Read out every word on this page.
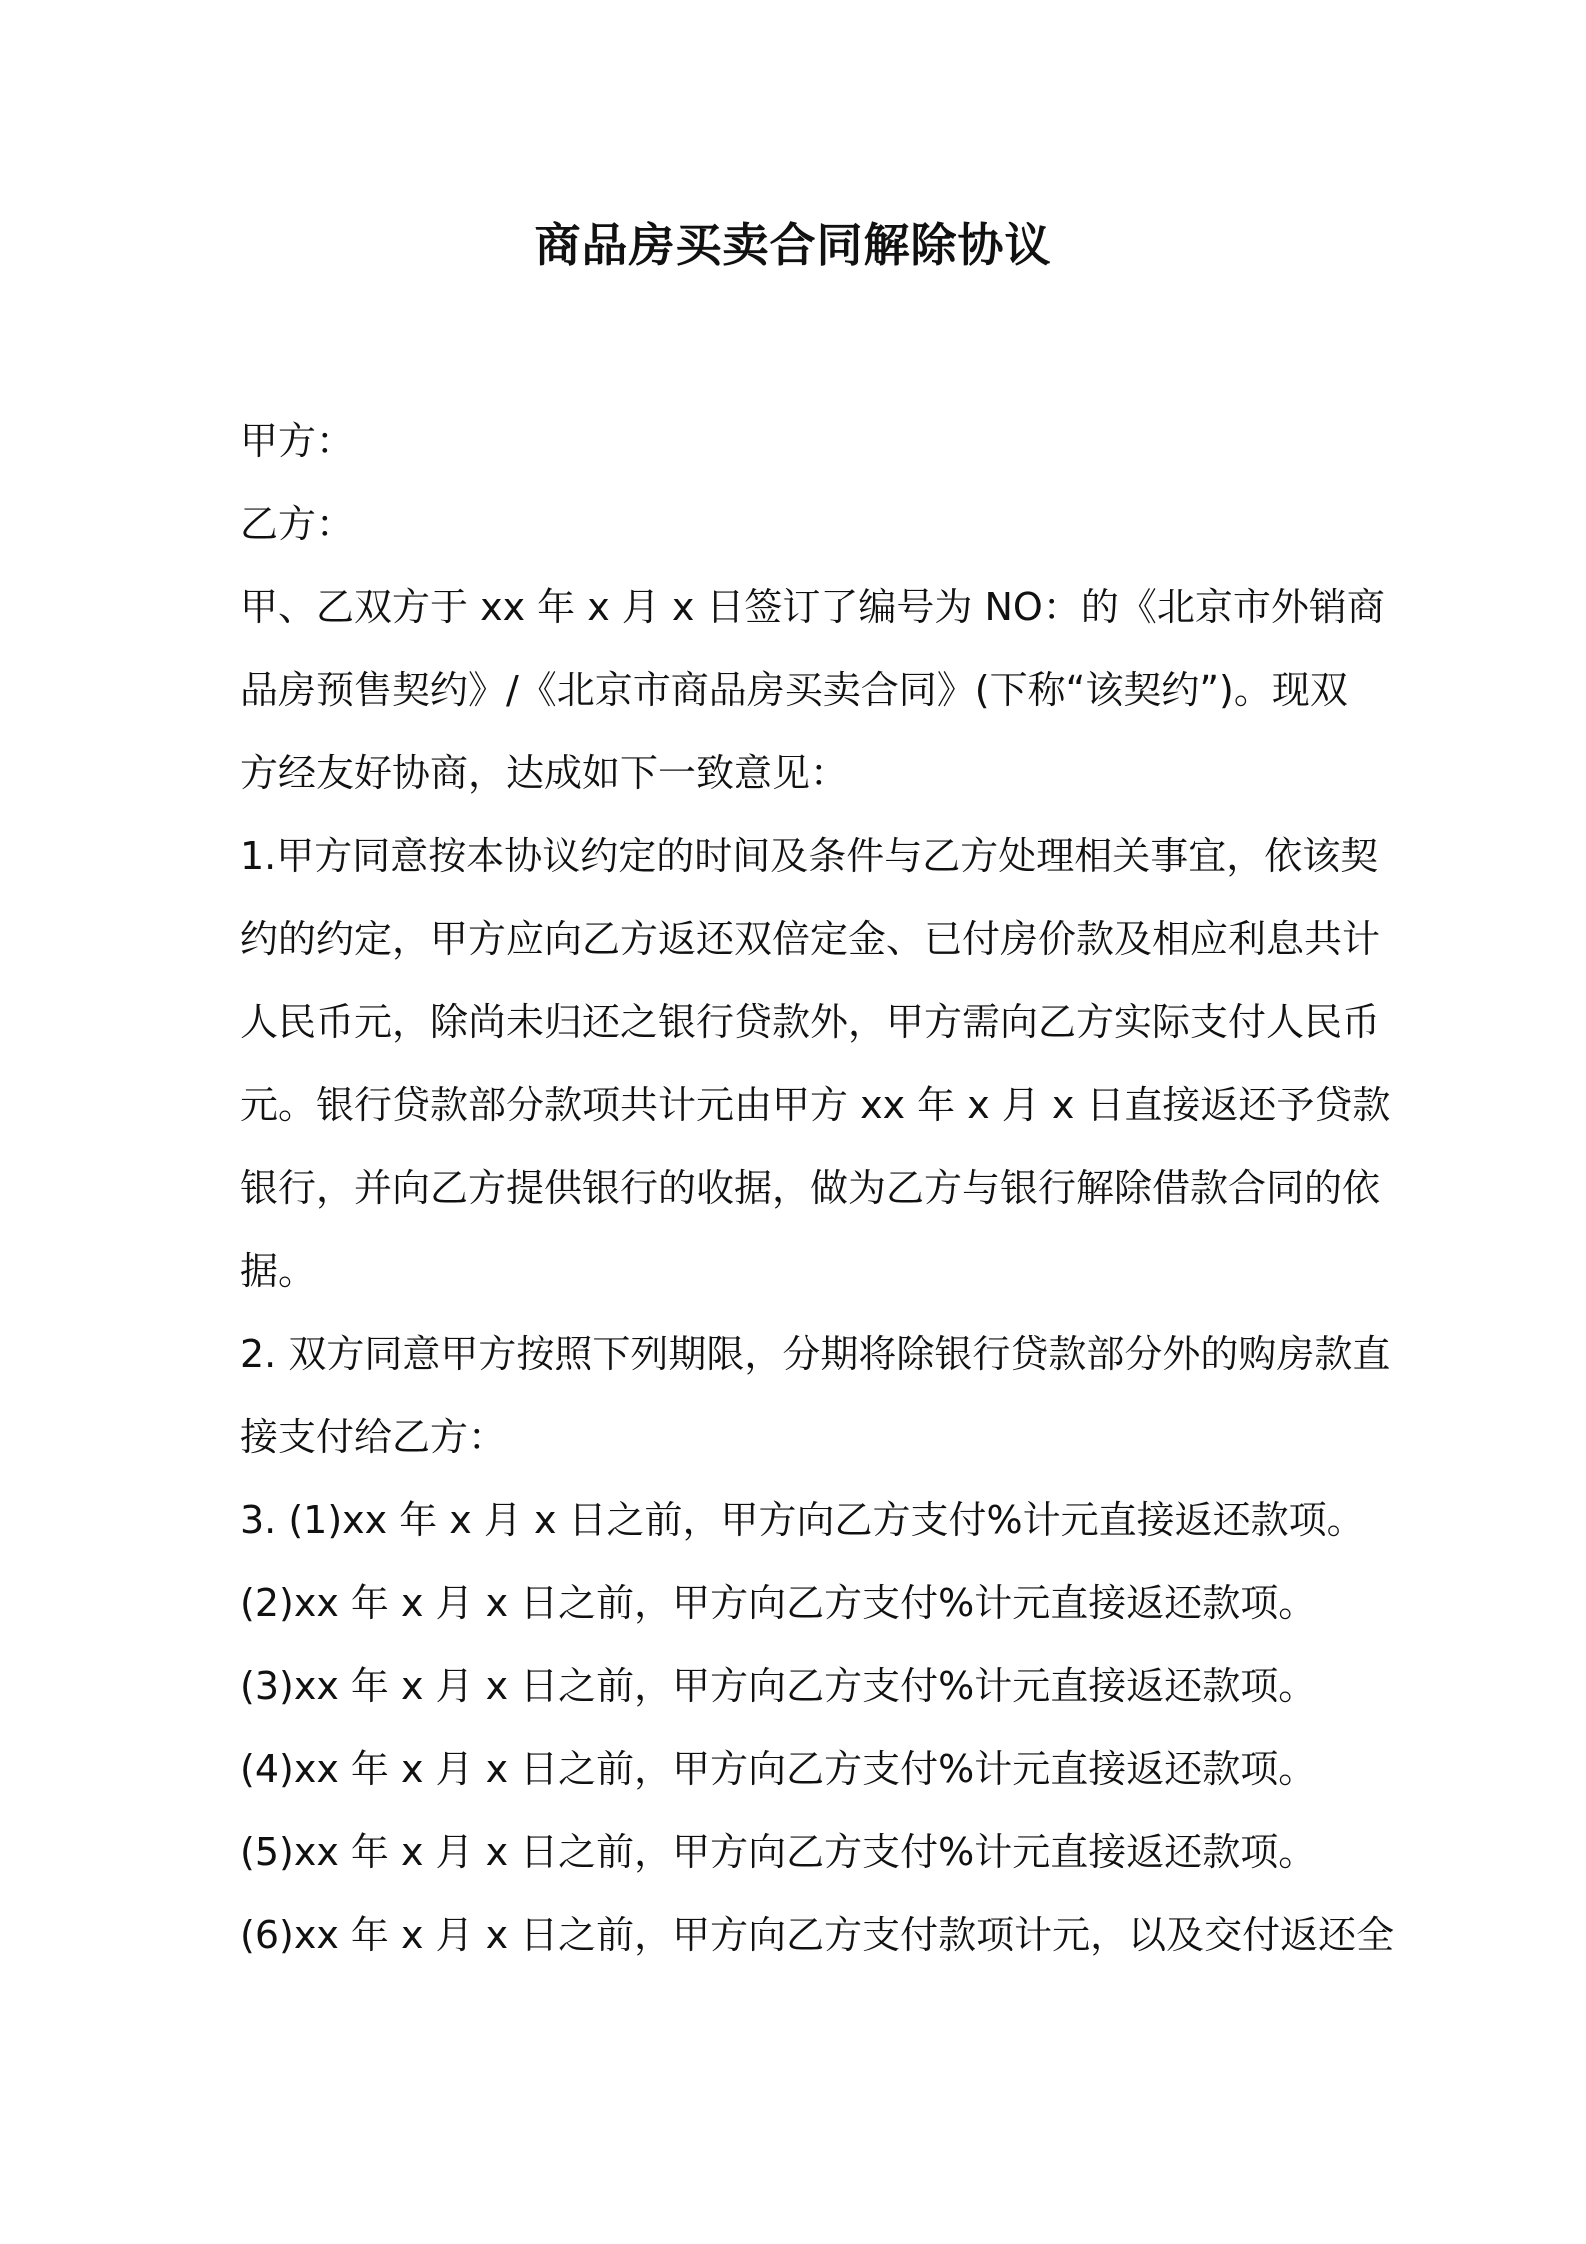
商品房买卖合同解除协议
甲方：
乙方：
甲、乙双方于 xx 年 x 月 x 日签订了编号为 NO：的《北京市外销商
品房预售契约》/《北京市商品房买卖合同》(下称“该契约”)。现双
方经友好协商，达成如下一致意见：
1.甲方同意按本协议约定的时间及条件与乙方处理相关事宜，依该契
约的约定，甲方应向乙方返还双倍定金、已付房价款及相应利息共计
人民币元，除尚未归还之银行贷款外，甲方需向乙方实际支付人民币
元。银行贷款部分款项共计元由甲方 xx 年 x 月 x 日直接返还予贷款
银行，并向乙方提供银行的收据，做为乙方与银行解除借款合同的依
据。
2. 双方同意甲方按照下列期限，分期将除银行贷款部分外的购房款直
接支付给乙方：
3. (1)xx 年 x 月 x 日之前，甲方向乙方支付%计元直接返还款项。
(2)xx 年 x 月 x 日之前，甲方向乙方支付%计元直接返还款项。
(3)xx 年 x 月 x 日之前，甲方向乙方支付%计元直接返还款项。
(4)xx 年 x 月 x 日之前，甲方向乙方支付%计元直接返还款项。
(5)xx 年 x 月 x 日之前，甲方向乙方支付%计元直接返还款项。
(6)xx 年 x 月 x 日之前，甲方向乙方支付款项计元，以及交付返还全
